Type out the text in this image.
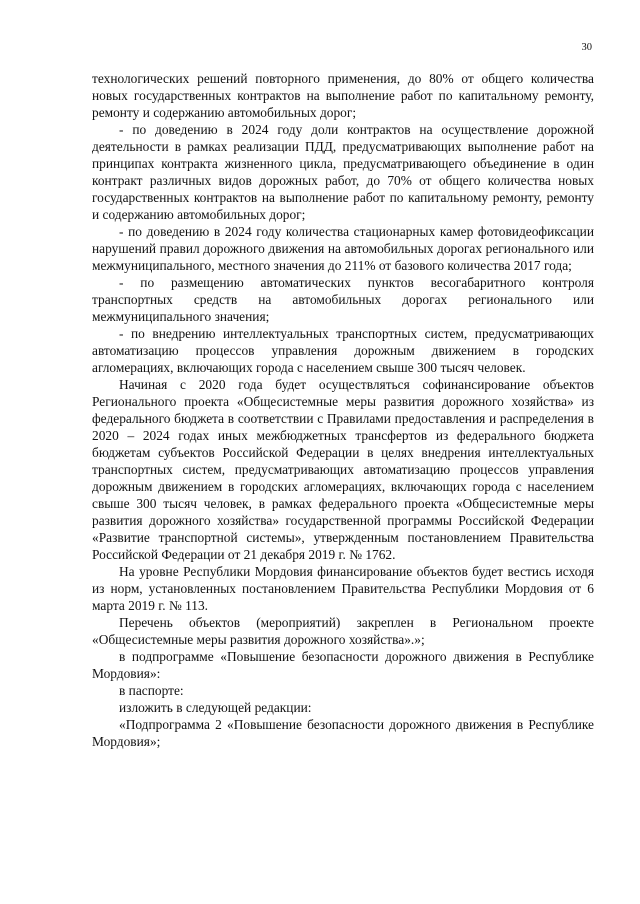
30

технологических решений повторного применения, до 80% от общего количества новых государственных контрактов на выполнение работ по капитальному ремонту, ремонту и содержанию автомобильных дорог;

- по доведению в 2024 году доли контрактов на осуществление дорожной деятельности в рамках реализации ПДД, предусматривающих выполнение работ на принципах контракта жизненного цикла, предусматривающего объединение в один контракт различных видов дорожных работ, до 70% от общего количества новых государственных контрактов на выполнение работ по капитальному ремонту, ремонту и содержанию автомобильных дорог;

- по доведению в 2024 году количества стационарных камер фотовидеофиксации нарушений правил дорожного движения на автомобильных дорогах регионального или межмуниципального, местного значения до 211% от базового количества 2017 года;

- по размещению автоматических пунктов весогабаритного контроля транспортных средств на автомобильных дорогах регионального или межмуниципального значения;

- по внедрению интеллектуальных транспортных систем, предусматривающих автоматизацию процессов управления дорожным движением в городских агломерациях, включающих города с населением свыше 300 тысяч человек.

Начиная с 2020 года будет осуществляться софинансирование объектов Регионального проекта «Общесистемные меры развития дорожного хозяйства» из федерального бюджета в соответствии с Правилами предоставления и распределения в 2020 – 2024 годах иных межбюджетных трансфертов из федерального бюджета бюджетам субъектов Российской Федерации в целях внедрения интеллектуальных транспортных систем, предусматривающих автоматизацию процессов управления дорожным движением в городских агломерациях, включающих города с населением свыше 300 тысяч человек, в рамках федерального проекта «Общесистемные меры развития дорожного хозяйства» государственной программы Российской Федерации «Развитие транспортной системы», утвержденным постановлением Правительства Российской Федерации от 21 декабря 2019 г. № 1762.

На уровне Республики Мордовия финансирование объектов будет вестись исходя из норм, установленных постановлением Правительства Республики Мордовия от 6 марта 2019 г. № 113.

Перечень объектов (мероприятий) закреплен в Региональном проекте «Общесистемные меры развития дорожного хозяйства».»;

в подпрограмме «Повышение безопасности дорожного движения в Республике Мордовия»:

в паспорте:

изложить в следующей редакции:

«Подпрограмма 2 «Повышение безопасности дорожного движения в Республике Мордовия»;
